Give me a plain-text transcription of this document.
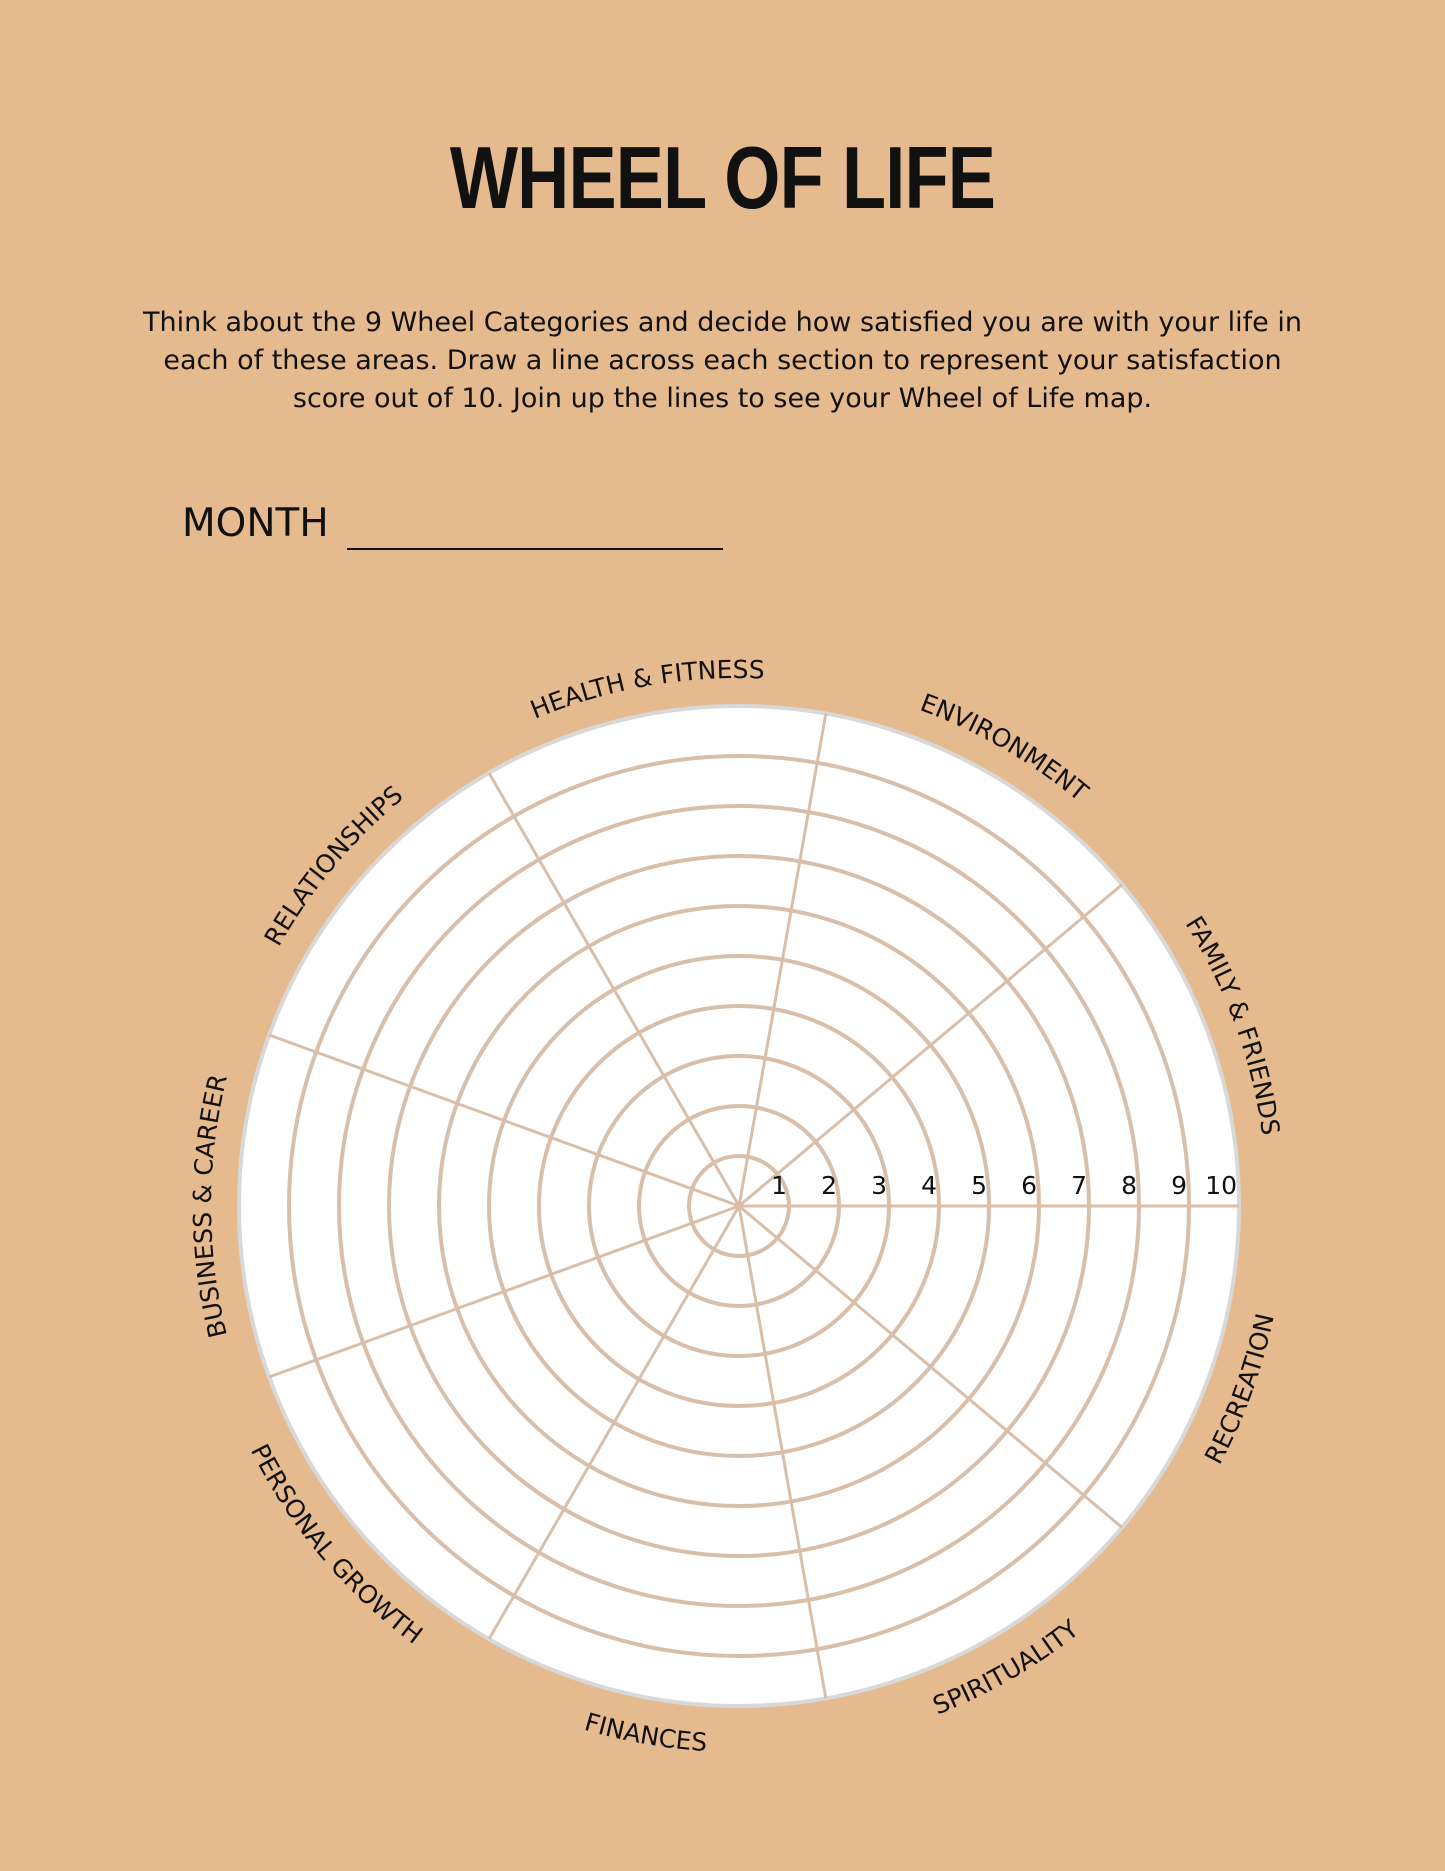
WHEEL OF LIFE

Think about the 9 Wheel Categories and decide how satisfied you are with your life in each of these areas. Draw a line across each section to represent your satisfaction score out of 10. Join up the lines to see your Wheel of Life map.

MONTH
1 2 3 4 5 6 7 8 9 10
ENVIRONMENT
FAMILY & FRIENDS
RECREATION
SPIRITUALITY
FINANCES
PERSONAL GROWTH
BUSINESS & CAREER
RELATIONSHIPS
HEALTH & FITNESS
